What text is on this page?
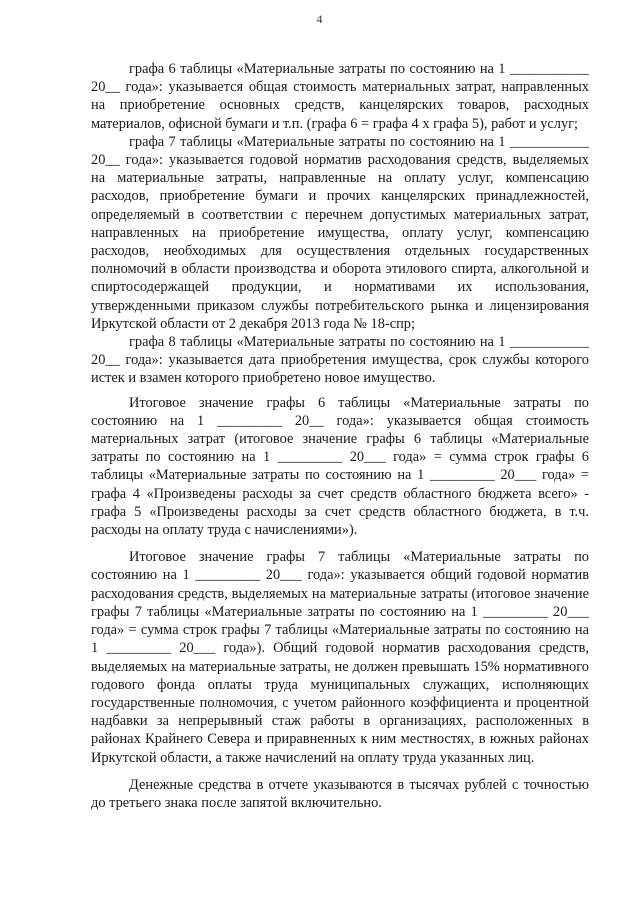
4

графа 6 таблицы «Материальные затраты по состоянию на 1 ___________ 20__ года»: указывается общая стоимость материальных затрат, направленных на приобретение основных средств, канцелярских товаров, расходных материалов, офисной бумаги и т.п. (графа 6 = графа 4 х графа 5), работ и услуг;

графа 7 таблицы «Материальные затраты по состоянию на 1 ___________ 20__ года»: указывается годовой норматив расходования средств, выделяемых на материальные затраты, направленные на оплату услуг, компенсацию расходов, приобретение бумаги и прочих канцелярских принадлежностей, определяемый в соответствии с перечнем допустимых материальных затрат, направленных на приобретение имущества, оплату услуг, компенсацию расходов, необходимых для осуществления отдельных государственных полномочий в области производства и оборота этилового спирта, алкогольной и спиртосодержащей продукции, и нормативами их использования, утвержденными приказом службы потребительского рынка и лицензирования Иркутской области от 2 декабря 2013 года № 18-спр;

графа 8 таблицы «Материальные затраты по состоянию на 1 ___________ 20__ года»: указывается дата приобретения имущества, срок службы которого истек и взамен которого приобретено новое имущество.

Итоговое значение графы 6 таблицы «Материальные затраты по состоянию на 1 _________ 20__ года»: указывается общая стоимость материальных затрат (итоговое значение графы 6 таблицы «Материальные затраты по состоянию на 1 _________ 20___ года» = сумма строк графы 6 таблицы «Материальные затраты по состоянию на 1 _________ 20___ года» = графа 4 «Произведены расходы за счет средств областного бюджета всего» - графа 5 «Произведены расходы за счет средств областного бюджета, в т.ч. расходы на оплату труда с начислениями»).

Итоговое значение графы 7 таблицы «Материальные затраты по состоянию на 1 _________ 20___ года»: указывается общий годовой норматив расходования средств, выделяемых на материальные затраты (итоговое значение графы 7 таблицы «Материальные затраты по состоянию на 1 _________ 20___ года» = сумма строк графы 7 таблицы «Материальные затраты по состоянию на 1 _________ 20___ года»). Общий годовой норматив расходования средств, выделяемых на материальные затраты, не должен превышать 15% нормативного годового фонда оплаты труда муниципальных служащих, исполняющих государственные полномочия, с учетом районного коэффициента и процентной надбавки за непрерывный стаж работы в организациях, расположенных в районах Крайнего Севера и приравненных к ним местностях, в южных районах Иркутской области, а также начислений на оплату труда указанных лиц.

Денежные средства в отчете указываются в тысячах рублей с точностью до третьего знака после запятой включительно.
